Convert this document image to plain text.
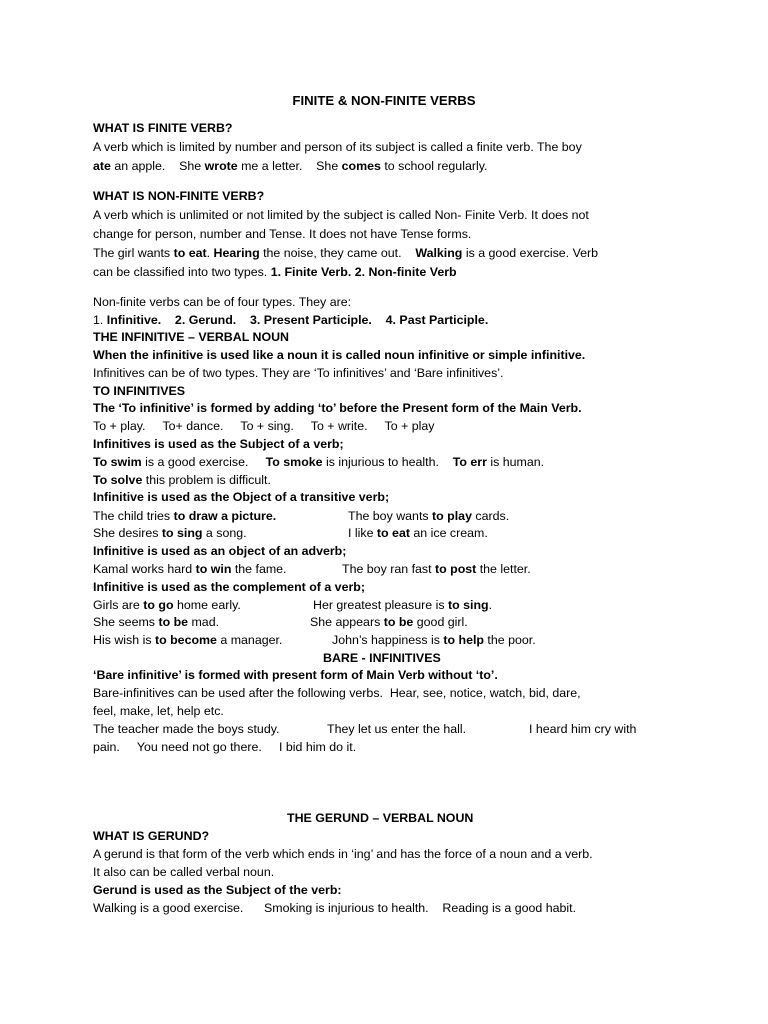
FINITE & NON-FINITE VERBS
WHAT IS FINITE VERB?
A verb which is limited by number and person of its subject is called a finite verb. The boy
ate an apple.    She wrote me a letter.    She comes to school regularly.
WHAT IS NON-FINITE VERB?
A verb which is unlimited or not limited by the subject is called Non- Finite Verb. It does not
change for person, number and Tense. It does not have Tense forms.
The girl wants to eat. Hearing the noise, they came out.    Walking is a good exercise. Verb
can be classified into two types. 1. Finite Verb. 2. Non-finite Verb
Non-finite verbs can be of four types. They are:
1. Infinitive.    2. Gerund.    3. Present Participle.    4. Past Participle.
THE INFINITIVE – VERBAL NOUN
When the infinitive is used like a noun it is called noun infinitive or simple infinitive.
Infinitives can be of two types. They are ‘To infinitives’ and ‘Bare infinitives’.
TO INFINITIVES
The ‘To infinitive’ is formed by adding ‘to’ before the Present form of the Main Verb.
To + play.     To+ dance.     To + sing.     To + write.     To + play
Infinitives is used as the Subject of a verb;
To swim is a good exercise.     To smoke is injurious to health.    To err is human.
To solve this problem is difficult.
Infinitive is used as the Object of a transitive verb;
The child tries to draw a picture.	The boy wants to play cards.
She desires to sing a song.	I like to eat an ice cream.
Infinitive is used as an object of an adverb;
Kamal works hard to win the fame.	The boy ran fast to post the letter.
Infinitive is used as the complement of a verb;
Girls are to go home early.	Her greatest pleasure is to sing.
She seems to be mad.	She appears to be good girl.
His wish is to become a manager.	John’s happiness is to help the poor.
BARE - INFINITIVES
‘Bare infinitive’ is formed with present form of Main Verb without ‘to’.
Bare-infinitives can be used after the following verbs.  Hear, see, notice, watch, bid, dare,
feel, make, let, help etc.
The teacher made the boys study.	They let us enter the hall.	I heard him cry with
pain.     You need not go there.     I bid him do it.
THE GERUND – VERBAL NOUN
WHAT IS GERUND?
A gerund is that form of the verb which ends in ‘ing’ and has the force of a noun and a verb.
It also can be called verbal noun.
Gerund is used as the Subject of the verb:
Walking is a good exercise.      Smoking is injurious to health.    Reading is a good habit.
